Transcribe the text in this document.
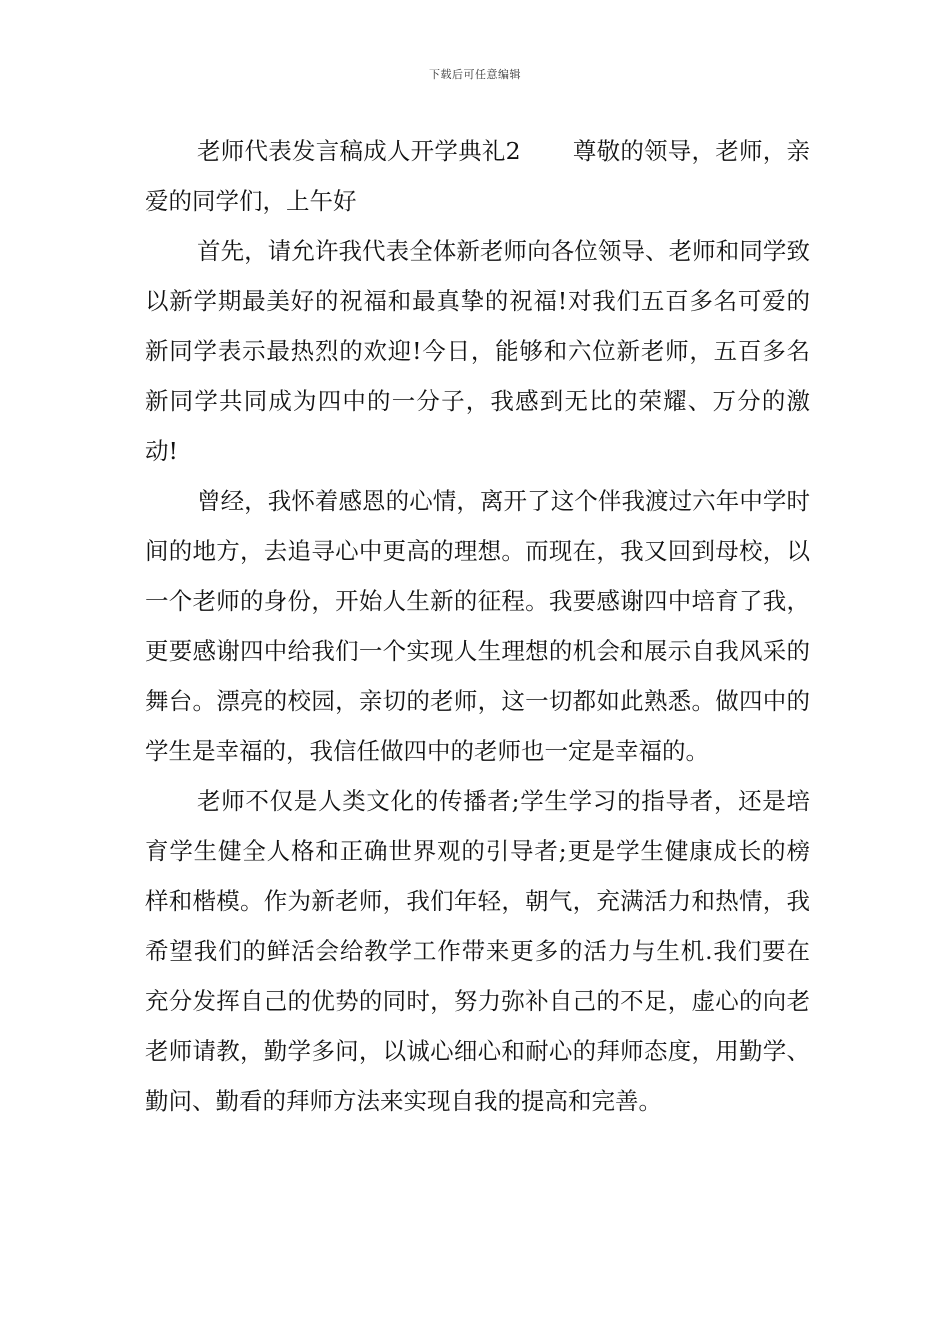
下载后可任意编辑

老师代表发言稿成人开学典礼2 尊敬的领导，老师，亲爱的同学们，上午好

首先，请允许我代表全体新老师向各位领导、老师和同学致以新学期最美好的祝福和最真挚的祝福!对我们五百多名可爱的新同学表示最热烈的欢迎!今日，能够和六位新老师，五百多名新同学共同成为四中的一分子，我感到无比的荣耀、万分的激动!

曾经，我怀着感恩的心情，离开了这个伴我渡过六年中学时间的地方，去追寻心中更高的理想。而现在，我又回到母校，以一个老师的身份，开始人生新的征程。我要感谢四中培育了我，更要感谢四中给我们一个实现人生理想的机会和展示自我风采的舞台。漂亮的校园，亲切的老师，这一切都如此熟悉。做四中的学生是幸福的，我信任做四中的老师也一定是幸福的。

老师不仅是人类文化的传播者;学生学习的指导者，还是培育学生健全人格和正确世界观的引导者;更是学生健康成长的榜样和楷模。作为新老师，我们年轻，朝气，充满活力和热情，我希望我们的鲜活会给教学工作带来更多的活力与生机.我们要在充分发挥自己的优势的同时，努力弥补自己的不足，虚心的向老老师请教，勤学多问，以诚心细心和耐心的拜师态度，用勤学、勤问、勤看的拜师方法来实现自我的提高和完善。
